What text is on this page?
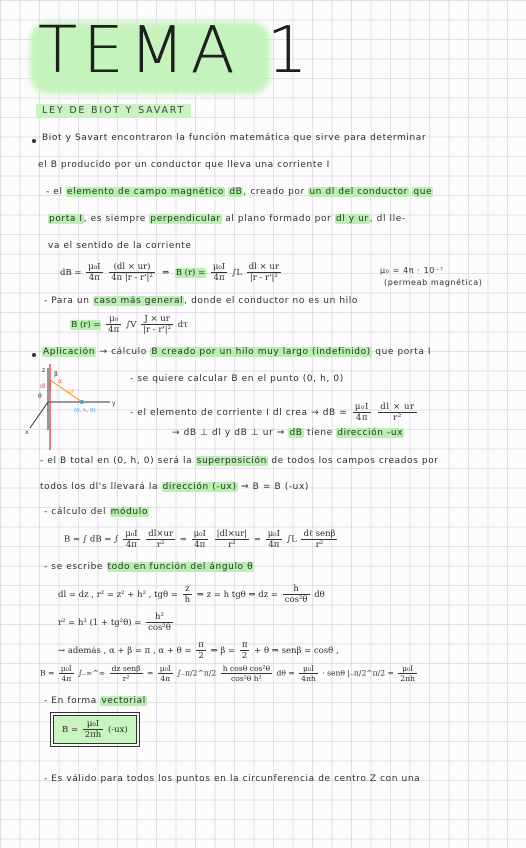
TEMA 1
LEY DE BIOT Y SAVART
Biot y Savart encontraron la función matemática que sirve para determinar
el B producido por un conductor que lleva una corriente I
- el elemento de campo magnético dB, creado por un dl del conductor que
porta I, es siempre perpendicular al plano formado por dl y ur, dl lle-
va el sentido de la corriente
dB = $\frac{\text{μ₀I}}{4\pi}$
$\frac{(dl \times ur)}{\text{4π |r - r'|²}}$ ⇒ B $(r) = \frac{\text{μ₀I}}{4\pi} \int L \frac{dl \times ur}{\text{|r - r'|²}}$	μ₀ = 4π · 10⁻⁷
(permeab magnética)
- Para un caso más general, donde el conductor no es un hilo
B $(r) = \frac{\text{μ₀}}{4\pi} \int V \frac{J \times ur}{\text{|r - r'|²}}$ dτ
Aplicación → cálculo B creado por un hilo muy largo (indefinido) que porta I
z
y
x
β
α
dl
ur
θ
(0, h, 0)
- se quiere calcular B en el punto (0, h, 0)
- el elemento de corriente I dl crea → dB = $\frac{\text{μ₀I}}{4\pi}$
$\frac{dl \times ur}{\text{r²}}$
→ dB ⊥ dl y dB ⊥ ur ⇒ dB tiene dirección -ux
- el B total en (0, h, 0) será la superposición de todos los campos creados por
todos los dl's llevará la dirección (-ux) ⇒ B = B (-ux)
- cálculo del módulo
B = ∫ dB = ∫ $\frac{\text{μ₀I}}{4\pi}$
$\frac{dl\times ur}{\text{r²}} = \frac{\text{μ₀I}}{4\pi}$
$\frac{|dl\times ur|}{\text{r²}} = \frac{\text{μ₀I}}{4\pi} \int L \frac{\text{dℓ senβ}}{\text{r²}}$
- se escribe todo en función del ángulo θ
dl = dz , r² = z² + h² , $tg\theta = \frac{z}{h}$ ⇒ z = h tgθ ⇒ dz = $\frac{h}{\text{cos²θ}}$ dθ
r² = h² $(1 + tg^2\theta) = \frac{\text{h²}}{\text{cos²θ}}$
→ además , α + β = π , $\alpha + \theta = \frac{\pi}{2}$ ⇒ $\beta = \frac{\pi}{2} + \theta$ ⇒ senβ = cosθ ,
$B = \frac{\text{μ₀I}}{4\pi}$ ∫₋∞^∞ $\frac{\text{dz senβ}}{\text{r²}} = \frac{\text{μ₀I}}{4\pi}$ ∫₋π/2^π/2 $\frac{\text{h cosθ cos²θ}}{\text{cos²θ h²}}$ $d\theta = \frac{\text{μ₀I}}{4\pi h} \cdot sen\theta$ |₋π/2^π/2 = $\frac{\text{μ₀I}}{2\pi h}$
- En forma vectorial
$B = \frac{\text{μ₀I}}{2\pi h} (-ux)$
- Es válido para todos los puntos en la circunferencia de centro Z con una
